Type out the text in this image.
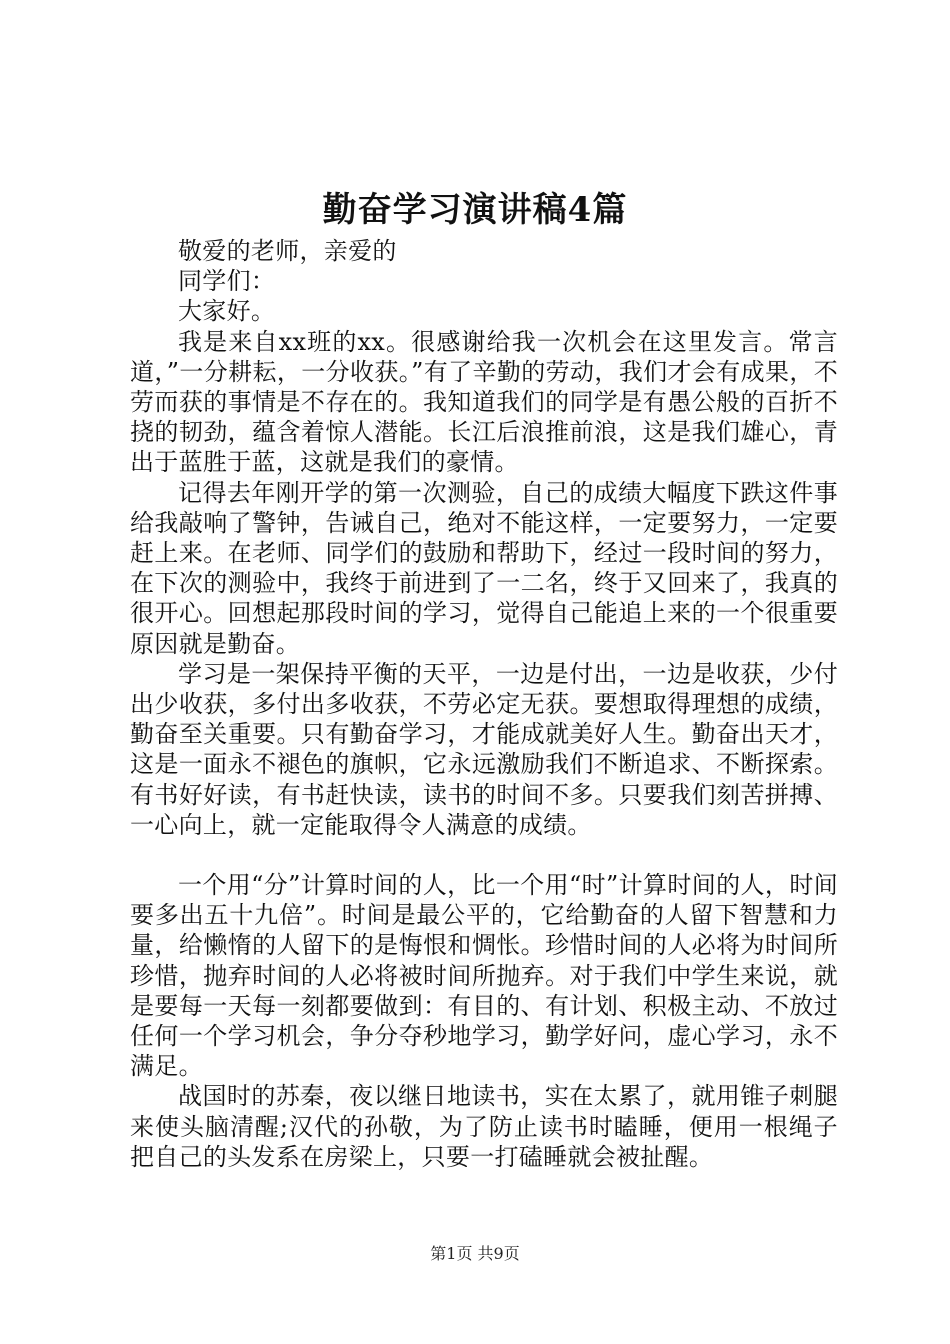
勤奋学习演讲稿4篇

敬爱的老师，亲爱的

同学们：

大家好。

我是来自xx班的xx。很感谢给我一次机会在这里发言。常言道，”一分耕耘，一分收获。”有了辛勤的劳动，我们才会有成果，不劳而获的事情是不存在的。我知道我们的同学是有愚公般的百折不挠的韧劲，蕴含着惊人潜能。长江后浪推前浪，这是我们雄心，青出于蓝胜于蓝，这就是我们的豪情。

记得去年刚开学的第一次测验，自己的成绩大幅度下跌这件事给我敲响了警钟，告诫自己，绝对不能这样，一定要努力，一定要赶上来。在老师、同学们的鼓励和帮助下，经过一段时间的努力，在下次的测验中，我终于前进到了一二名，终于又回来了，我真的很开心。回想起那段时间的学习，觉得自己能追上来的一个很重要原因就是勤奋。

学习是一架保持平衡的天平，一边是付出，一边是收获，少付出少收获，多付出多收获，不劳必定无获。要想取得理想的成绩，勤奋至关重要。只有勤奋学习，才能成就美好人生。勤奋出天才，这是一面永不褪色的旗帜，它永远激励我们不断追求、不断探索。有书好好读，有书赶快读，读书的时间不多。只要我们刻苦拼搏、一心向上，就一定能取得令人满意的成绩。

一个用“分”计算时间的人，比一个用“时”计算时间的人，时间要多出五十九倍”。时间是最公平的，它给勤奋的人留下智慧和力量，给懒惰的人留下的是悔恨和惆怅。珍惜时间的人必将为时间所珍惜，抛弃时间的人必将被时间所抛弃。对于我们中学生来说，就是要每一天每一刻都要做到：有目的、有计划、积极主动、不放过任何一个学习机会，争分夺秒地学习，勤学好问，虚心学习，永不满足。

战国时的苏秦，夜以继日地读书，实在太累了，就用锥子刺腿来使头脑清醒;汉代的孙敬，为了防止读书时瞌睡，便用一根绳子把自己的头发系在房梁上，只要一打磕睡就会被扯醒。

第1页 共9页
